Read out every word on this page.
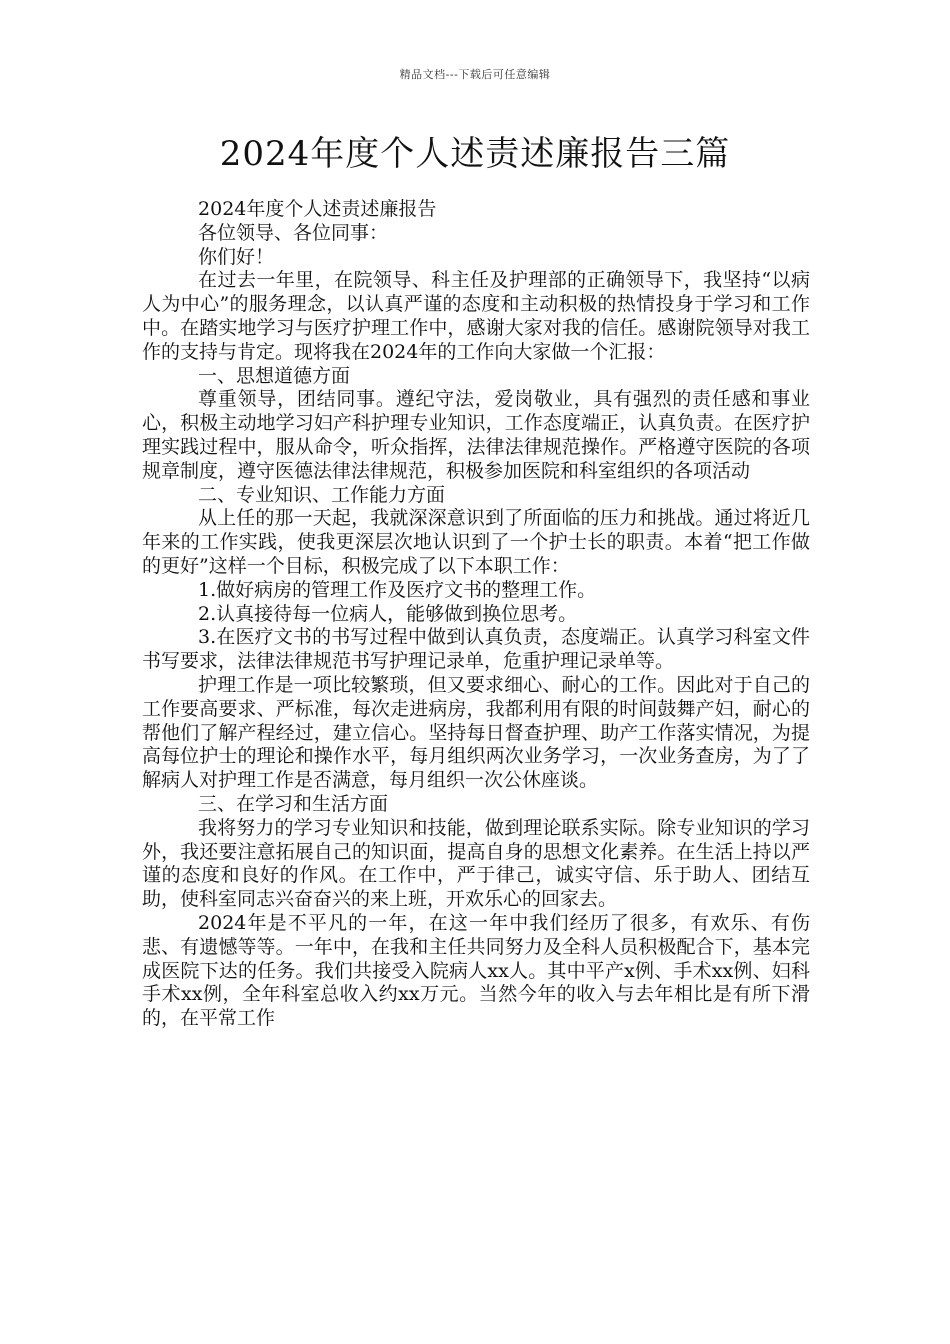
精品文档---下载后可任意编辑
2024年度个人述责述廉报告三篇

2024年度个人述责述廉报告

各位领导、各位同事：

你们好！

在过去一年里，在院领导、科主任及护理部的正确领导下，我坚持“以病人为中心”的服务理念，以认真严谨的态度和主动积极的热情投身于学习和工作中。在踏实地学习与医疗护理工作中，感谢大家对我的信任。感谢院领导对我工作的支持与肯定。现将我在2024年的工作向大家做一个汇报：

一、思想道德方面

尊重领导，团结同事。遵纪守法，爱岗敬业，具有强烈的责任感和事业心，积极主动地学习妇产科护理专业知识，工作态度端正，认真负责。在医疗护理实践过程中，服从命令，听众指挥，法律法律规范操作。严格遵守医院的各项规章制度，遵守医德法律法律规范，积极参加医院和科室组织的各项活动

二、专业知识、工作能力方面

从上任的那一天起，我就深深意识到了所面临的压力和挑战。通过将近几年来的工作实践，使我更深层次地认识到了一个护士长的职责。本着“把工作做的更好”这样一个目标，积极完成了以下本职工作：

1.做好病房的管理工作及医疗文书的整理工作。

2.认真接待每一位病人，能够做到换位思考。

3.在医疗文书的书写过程中做到认真负责，态度端正。认真学习科室文件书写要求，法律法律规范书写护理记录单，危重护理记录单等。

护理工作是一项比较繁琐，但又要求细心、耐心的工作。因此对于自己的工作要高要求、严标准，每次走进病房，我都利用有限的时间鼓舞产妇，耐心的帮他们了解产程经过，建立信心。坚持每日督查护理、助产工作落实情况，为提高每位护士的理论和操作水平，每月组织两次业务学习，一次业务查房，为了了解病人对护理工作是否满意，每月组织一次公休座谈。

三、在学习和生活方面

我将努力的学习专业知识和技能，做到理论联系实际。除专业知识的学习外，我还要注意拓展自己的知识面，提高自身的思想文化素养。在生活上持以严谨的态度和良好的作风。在工作中，严于律己，诚实守信、乐于助人、团结互助，使科室同志兴奋奋兴的来上班，开欢乐心的回家去。

2024年是不平凡的一年，在这一年中我们经历了很多，有欢乐、有伤悲、有遗憾等等。一年中，在我和主任共同努力及全科人员积极配合下，基本完成医院下达的任务。我们共接受入院病人xx人。其中平产x例、手术xx例、妇科手术xx例，全年科室总收入约xx万元。当然今年的收入与去年相比是有所下滑的，在平常工作
